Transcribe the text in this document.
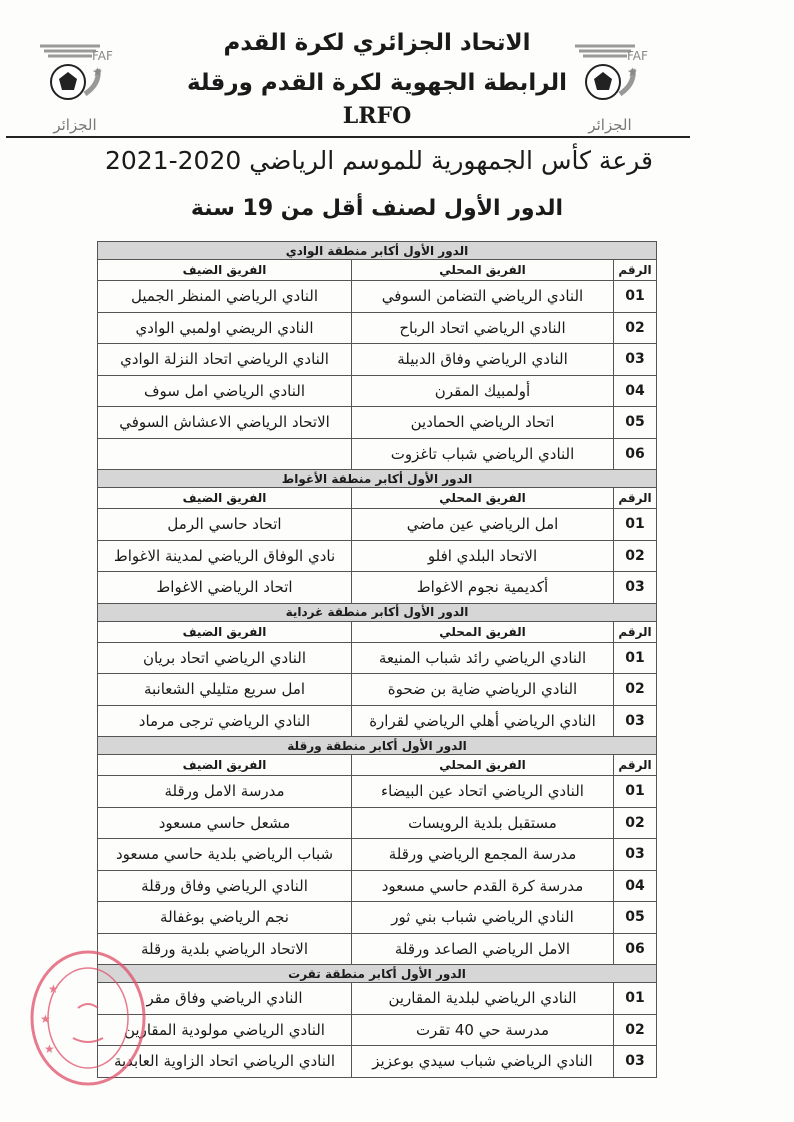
FAF
★
الجزائر
FAF
★
الجزائر
الاتحاد الجزائري لكرة القدم
الرابطة الجهوية لكرة القدم ورقلة
LRFO
قرعة كأس الجمهورية للموسم الرياضي 2020-2021
الدور الأول لصنف أقل من 19 سنة
الدور الأول أكابر منطقة الوادي		
الرقم	الفريق المحلي	الفريق الضيف
01	النادي الرياضي التضامن السوفي	النادي الرياضي المنظر الجميل
02	النادي الرياضي اتحاد الرباح	النادي الريضي اولمبي الوادي
03	النادي الرياضي وفاق الدبيلة	النادي الرياضي اتحاد النزلة الوادي
04	أولمبيك المقرن	النادي الرياضي امل سوف
05	اتحاد الرياضي الحمادين	الاتحاد الرياضي الاعشاش السوفي
06	النادي الرياضي شباب تاغزوت	
الدور الأول أكابر منطقة الأغواط		
الرقم	الفريق المحلي	الفريق الضيف
01	امل الرياضي عين ماضي	اتحاد حاسي الرمل
02	الاتحاد البلدي افلو	نادي الوفاق الرياضي لمدينة الاغواط
03	أكديمية نجوم الاغواط	اتحاد الرياضي الاغواط
الدور الأول أكابر منطقة غرداية		
الرقم	الفريق المحلي	الفريق الضيف
01	النادي الرياضي رائد شباب المنيعة	النادي الرياضي اتحاد بريان
02	النادي الرياضي ضاية بن ضحوة	امل سريع متليلي الشعانبة
03	النادي الرياضي أهلي الرياضي لقرارة	النادي الرياضي ترجى مرماد
الدور الأول أكابر منطقة ورقلة		
الرقم	الفريق المحلي	الفريق الضيف
01	النادي الرياضي اتحاد عين البيضاء	مدرسة الامل ورقلة
02	مستقبل بلدية الرويسات	مشعل حاسي مسعود
03	مدرسة المجمع الرياضي ورقلة	شباب الرياضي بلدية حاسي مسعود
04	مدرسة كرة القدم حاسي مسعود	النادي الرياضي وفاق ورقلة
05	النادي الرياضي شباب بني ثور	نجم الرياضي بوغفالة
06	الامل الرياضي الصاعد ورقلة	الاتحاد الرياضي بلدية ورقلة
الدور الأول أكابر منطقة تقرت		
01	النادي الرياضي لبلدية المقارين	النادي الرياضي وفاق مقر
02	مدرسة حي 40 تقرت	النادي الرياضي مولودية المقارين
03	النادي الرياضي شباب سيدي بوعزيز	النادي الرياضي اتحاد الزاوية العابدية
★
★
★
